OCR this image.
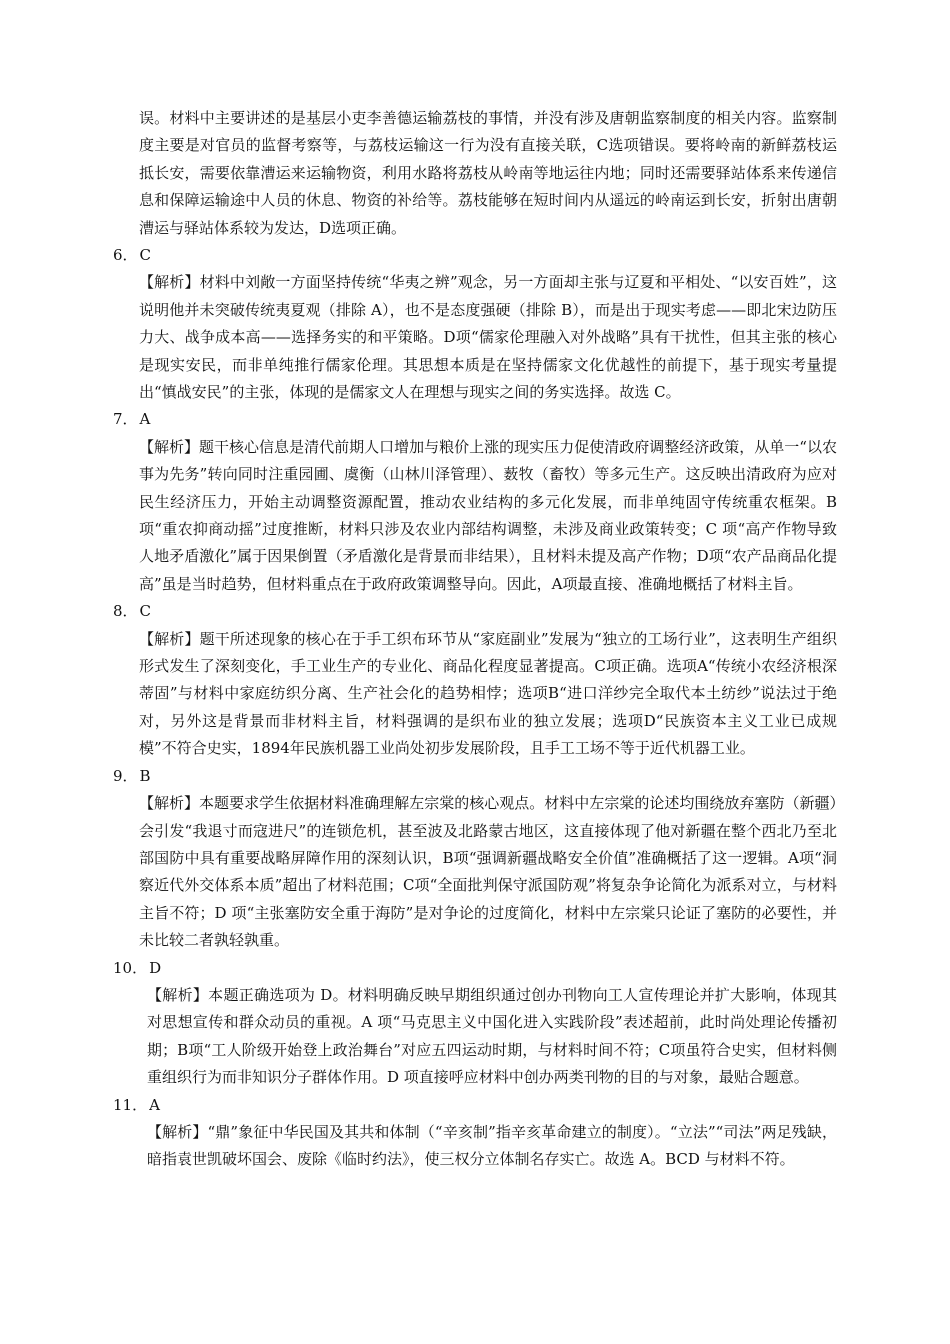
误。材料中主要讲述的是基层小吏李善德运输荔枝的事情，并没有涉及唐朝监察制度的相关内容。监察制度主要是对官员的监督考察等，与荔枝运输这一行为没有直接关联，C选项错误。要将岭南的新鲜荔枝运抵长安，需要依靠漕运来运输物资，利用水路将荔枝从岭南等地运往内地；同时还需要驿站体系来传递信息和保障运输途中人员的休息、物资的补给等。荔枝能够在短时间内从遥远的岭南运到长安，折射出唐朝漕运与驿站体系较为发达，D选项正确。
6． C
【解析】材料中刘敞一方面坚持传统“华夷之辨”观念，另一方面却主张与辽夏和平相处、“以安百姓”，这说明他并未突破传统夷夏观（排除 A），也不是态度强硬（排除 B），而是出于现实考虑——即北宋边防压力大、战争成本高——选择务实的和平策略。D项“儒家伦理融入对外战略”具有干扰性，但其主张的核心是现实安民，而非单纯推行儒家伦理。其思想本质是在坚持儒家文化优越性的前提下，基于现实考量提出“慎战安民”的主张，体现的是儒家文人在理想与现实之间的务实选择。故选 C。
7． A
【解析】题干核心信息是清代前期人口增加与粮价上涨的现实压力促使清政府调整经济政策，从单一“以农事为先务”转向同时注重园圃、虞衡（山林川泽管理）、薮牧（畜牧）等多元生产。这反映出清政府为应对民生经济压力，开始主动调整资源配置，推动农业结构的多元化发展，而非单纯固守传统重农框架。B项“重农抑商动摇”过度推断，材料只涉及农业内部结构调整，未涉及商业政策转变；C 项“高产作物导致人地矛盾激化”属于因果倒置（矛盾激化是背景而非结果），且材料未提及高产作物；D项“农产品商品化提高”虽是当时趋势，但材料重点在于政府政策调整导向。因此，A项最直接、准确地概括了材料主旨。
8． C
【解析】题干所述现象的核心在于手工织布环节从“家庭副业”发展为“独立的工场行业”，这表明生产组织形式发生了深刻变化，手工业生产的专业化、商品化程度显著提高。C项正确。选项A“传统小农经济根深蒂固”与材料中家庭纺织分离、生产社会化的趋势相悖；选项B“进口洋纱完全取代本土纺纱”说法过于绝对，另外这是背景而非材料主旨，材料强调的是织布业的独立发展；选项D“民族资本主义工业已成规模”不符合史实，1894年民族机器工业尚处初步发展阶段，且手工工场不等于近代机器工业。
9． B
【解析】本题要求学生依据材料准确理解左宗棠的核心观点。材料中左宗棠的论述均围绕放弃塞防（新疆）会引发“我退寸而寇进尺”的连锁危机，甚至波及北路蒙古地区，这直接体现了他对新疆在整个西北乃至北部国防中具有重要战略屏障作用的深刻认识，B项“强调新疆战略安全价值”准确概括了这一逻辑。A项“洞察近代外交体系本质”超出了材料范围；C项“全面批判保守派国防观”将复杂争论简化为派系对立，与材料主旨不符；D 项“主张塞防安全重于海防”是对争论的过度简化，材料中左宗棠只论证了塞防的必要性，并未比较二者孰轻孰重。
10． D
【解析】本题正确选项为 D。材料明确反映早期组织通过创办刊物向工人宣传理论并扩大影响，体现其对思想宣传和群众动员的重视。A 项“马克思主义中国化进入实践阶段”表述超前，此时尚处理论传播初期；B项“工人阶级开始登上政治舞台”对应五四运动时期，与材料时间不符；C项虽符合史实，但材料侧重组织行为而非知识分子群体作用。D 项直接呼应材料中创办两类刊物的目的与对象，最贴合题意。
11． A
【解析】“鼎”象征中华民国及其共和体制（“辛亥制”指辛亥革命建立的制度）。“立法”“司法”两足残缺，暗指袁世凯破坏国会、废除《临时约法》，使三权分立体制名存实亡。故选 A。BCD 与材料不符。
